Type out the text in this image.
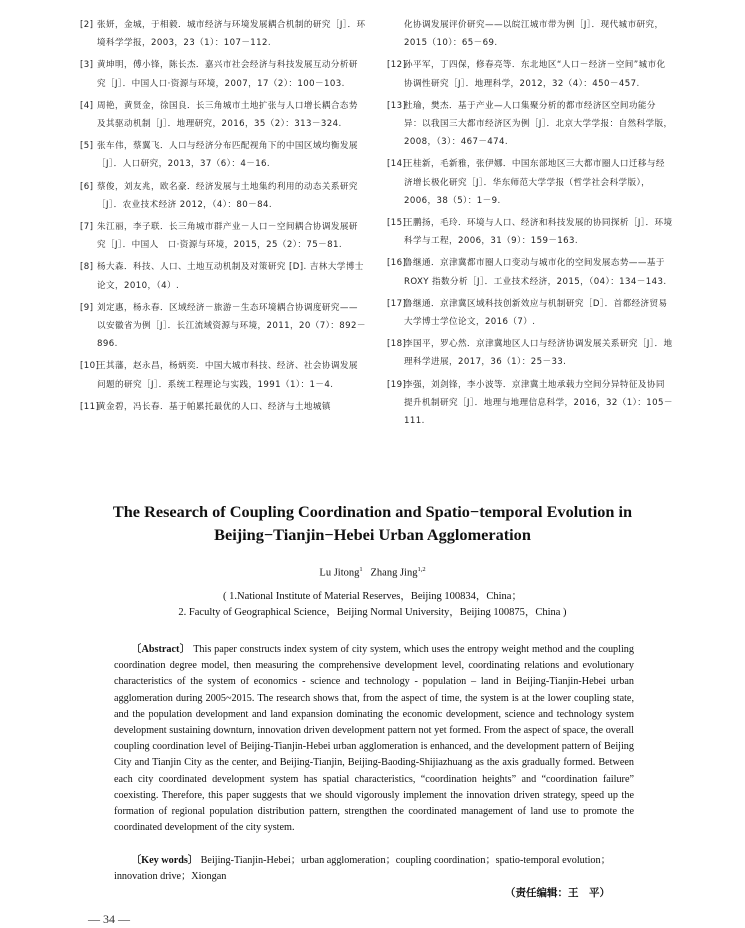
[2] 张妍，金城，于相毅．城市经济与环境发展耦合机制的研究［J］．环境科学学报，2003，23（1）：107－112.
[3] 黄坤明，傅小锋，陈长杰．嘉兴市社会经济与科技发展互动分析研究［J］．中国人口·资源与环境，2007，17（2）：100－103.
[4] 周艳，黄贤金，徐国良．长三角城市土地扩张与人口增长耦合态势及其驱动机制［J］．地理研究，2016，35（2）：313－324.
[5] 张车伟，蔡翼飞．人口与经济分布匹配视角下的中国区域均衡发展［J］．人口研究，2013，37（6）：4－16.
[6] 蔡俊，刘友兆，欧名豪．经济发展与土地集约利用的动态关系研究［J］．农业技术经济 2012，（4）：80－84.
[7] 朱江丽，李子联．长三角城市群产业－人口－空间耦合协调发展研究［J］．中国人　口·资源与环境，2015，25（2）：75－81.
[8] 杨大森．科技、人口、土地互动机制及对策研究 [D]. 吉林大学博士论文，2010，（4）.
[9] 刘定惠，杨永春．区域经济－旅游－生态环境耦合协调度研究——以安徽省为例［J］．长江流域资源与环境，2011，20（7）：892－896.
[10]王其藩，赵永昌，杨炳奕．中国大城市科技、经济、社会协调发展问题的研究［J］．系统工程理论与实践，1991（1）：1－4.
[11]黄金碧，冯长春．基于帕累托最优的人口、经济与土地城镇
化协调发展评价研究——以皖江城市带为例［J］．现代城市研究，2015（10）：65－69.
[12]孙平军，丁四保，修春亮等．东北地区“人口－经济－空间”城市化协调性研究［J］．地理科学，2012，32（4）：450－457.
[13]杜瑜，樊杰．基于产业—人口集聚分析的都市经济区空间功能分异：以我国三大都市经济区为例［J］．北京大学学报：自然科学版，2008，（3）：467－474.
[14]王桂新，毛新雅，张伊娜．中国东部地区三大都市圈人口迁移与经济增长极化研究［J］．华东师范大学学报（哲学社会科学版），2006，38（5）：1－9.
[15]王鹏扬，毛玲．环境与人口、经济和科技发展的协同探析［J］．环境科学与工程，2006，31（9）：159－163.
[16]鲁继通．京津冀都市圈人口变动与城市化的空间发展态势——基于 ROXY 指数分析［J］．工业技术经济，2015，（04）：134－143.
[17]鲁继通．京津冀区域科技创新效应与机制研究［D］．首都经济贸易大学博士学位论文，2016（7）.
[18]李国平，罗心然．京津冀地区人口与经济协调发展关系研究［J］．地理科学进展，2017，36（1）：25－33.
[19]李强，刘剑锋，李小波等．京津冀土地承载力空间分异特征及协同提升机制研究［J］．地理与地理信息科学，2016，32（1）：105－111.
The Research of Coupling Coordination and Spatio−temporal Evolution in
Beijing−Tianjin−Hebei Urban Agglomeration
Lu Jitong$^1$ Zhang Jing$^{1,2}$
( 1.National Institute of Material Reserves，Beijing 100834，China；
2. Faculty of Geographical Science，Beijing Normal University，Beijing 100875，China )
〔Abstract〕 This paper constructs index system of city system, which uses the entropy weight method and the coupling coordination degree model, then measuring the comprehensive development level, coordinating relations and evolutionary characteristics of the system of economics - science and technology - population – land in Beijing-Tianjin-Hebei urban agglomeration during 2005~2015. The research shows that, from the aspect of time, the system is at the lower coupling state, and the population development and land expansion dominating the economic development, science and technology system development sustaining downturn, innovation driven development pattern not yet formed. From the aspect of space, the overall coupling coordination level of Beijing-Tianjin-Hebei urban agglomeration is enhanced, and the development pattern of Beijing City and Tianjin City as the center, and Beijing-Tianjin, Beijing-Baoding-Shijiazhuang as the axis gradually formed. Between each city coordinated development system has spatial characteristics, “coordination heights” and “coordination failure” coexisting. Therefore, this paper suggests that we should vigorously implement the innovation driven strategy, speed up the formation of regional population distribution pattern, strengthen the coordinated management of land use to promote the coordinated development of the city system.
〔Key words〕 Beijing-Tianjin-Hebei；urban agglomeration；coupling coordination；spatio-temporal evolution；innovation drive；Xiongan
（责任编辑：王　平）
— 34 —
